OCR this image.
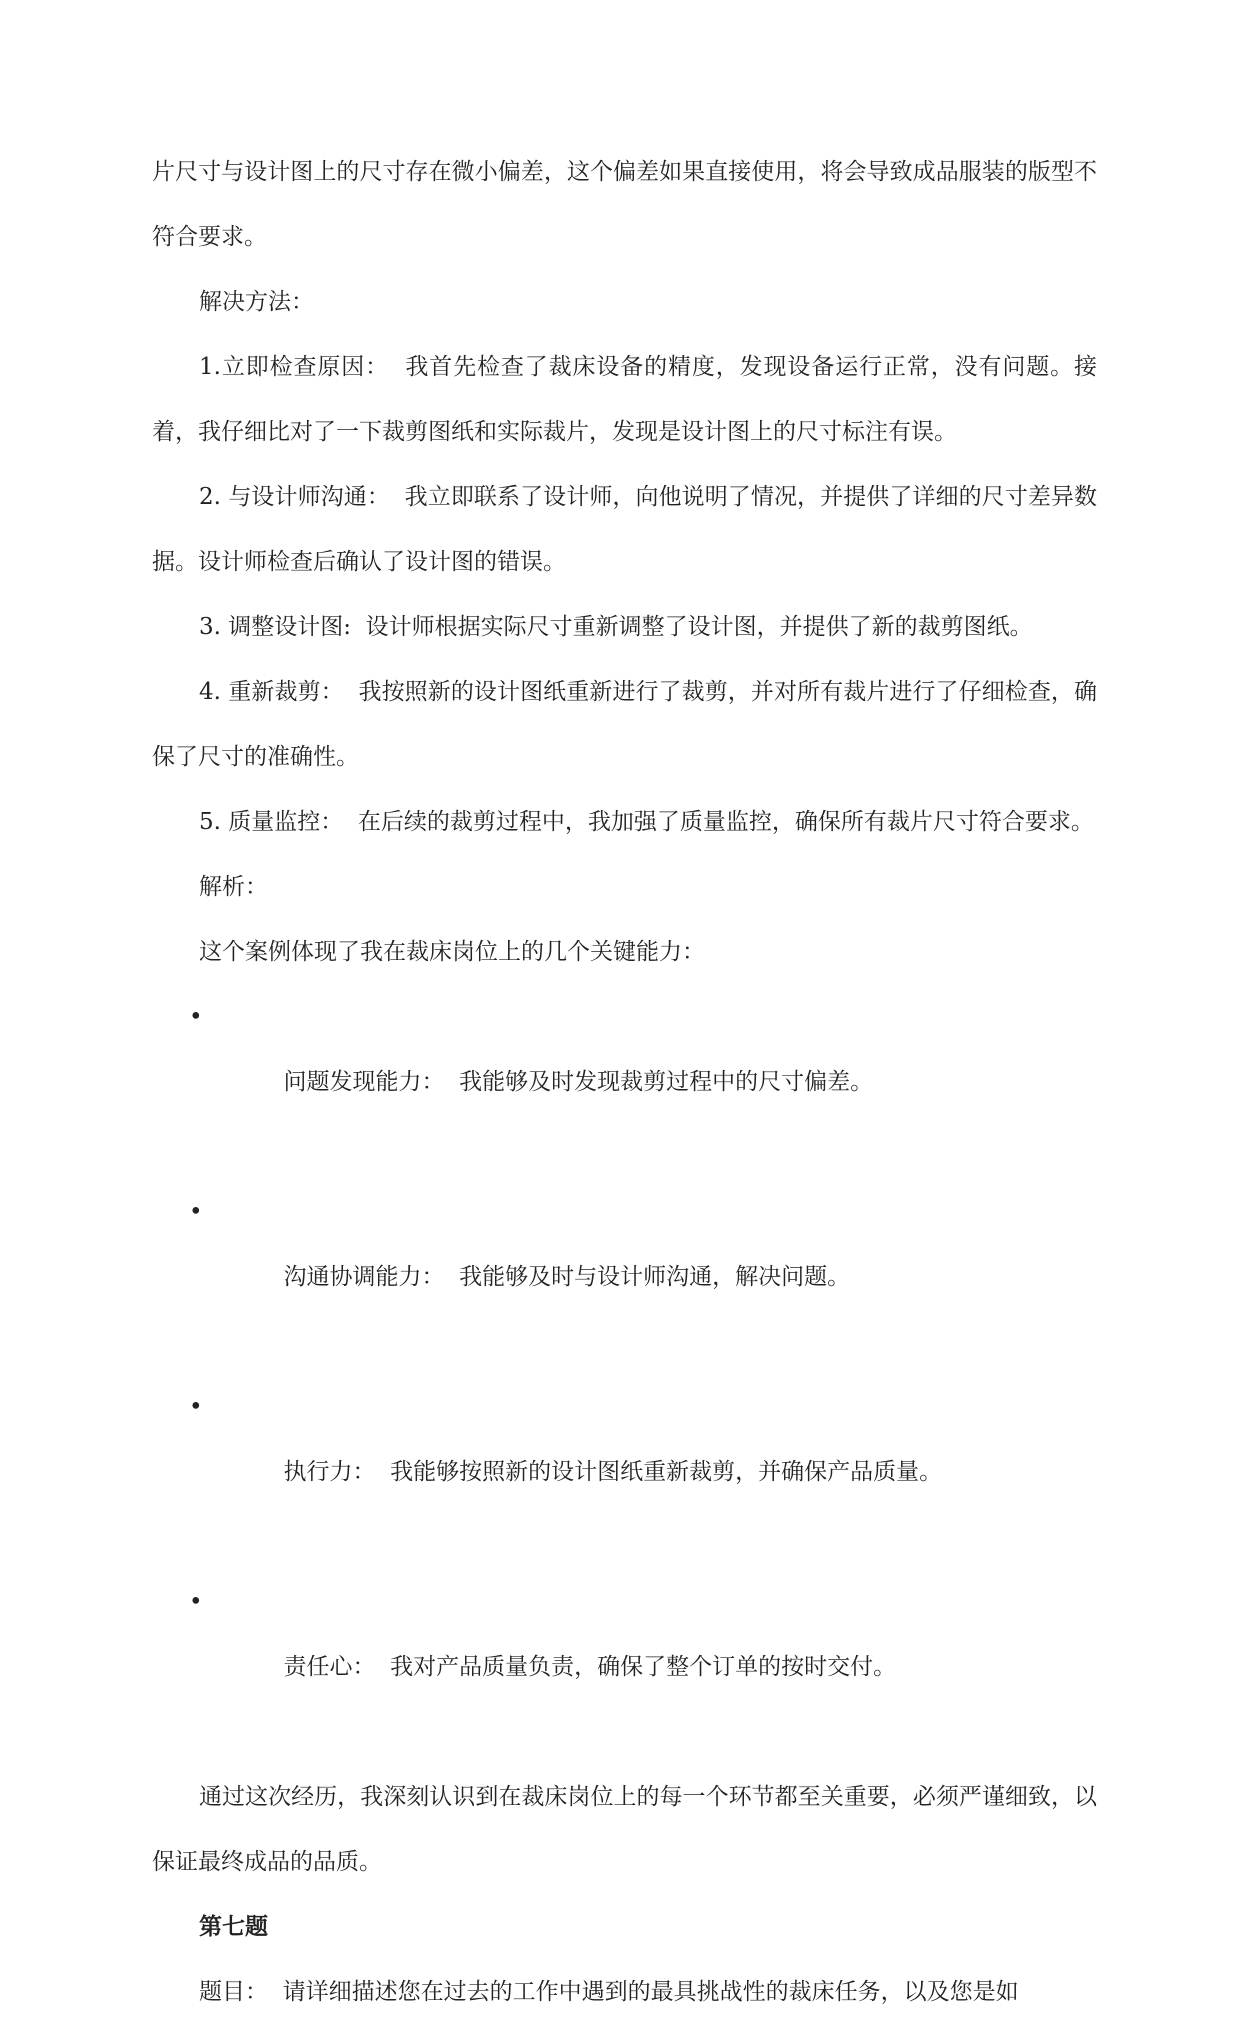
片尺寸与设计图上的尺寸存在微小偏差，这个偏差如果直接使用，将会导致成品服装的版型不符合要求。

解决方法：

1.立即检查原因：  我首先检查了裁床设备的精度，发现设备运行正常，没有问题。接着，我仔细比对了一下裁剪图纸和实际裁片，发现是设计图上的尺寸标注有误。

2. 与设计师沟通：  我立即联系了设计师，向他说明了情况，并提供了详细的尺寸差异数据。设计师检查后确认了设计图的错误。

3. 调整设计图:  设计师根据实际尺寸重新调整了设计图，并提供了新的裁剪图纸。

4. 重新裁剪：  我按照新的设计图纸重新进行了裁剪，并对所有裁片进行了仔细检查，确保了尺寸的准确性。

5. 质量监控：  在后续的裁剪过程中，我加强了质量监控，确保所有裁片尺寸符合要求。

解析：

这个案例体现了我在裁床岗位上的几个关键能力：

•
问题发现能力：  我能够及时发现裁剪过程中的尺寸偏差。

•
沟通协调能力：  我能够及时与设计师沟通，解决问题。

•
执行力：  我能够按照新的设计图纸重新裁剪，并确保产品质量。

•
责任心：  我对产品质量负责，确保了整个订单的按时交付。

通过这次经历，我深刻认识到在裁床岗位上的每一个环节都至关重要，必须严谨细致，以保证最终成品的品质。

第七题

题目：  请详细描述您在过去的工作中遇到的最具挑战性的裁床任务，以及您是如
